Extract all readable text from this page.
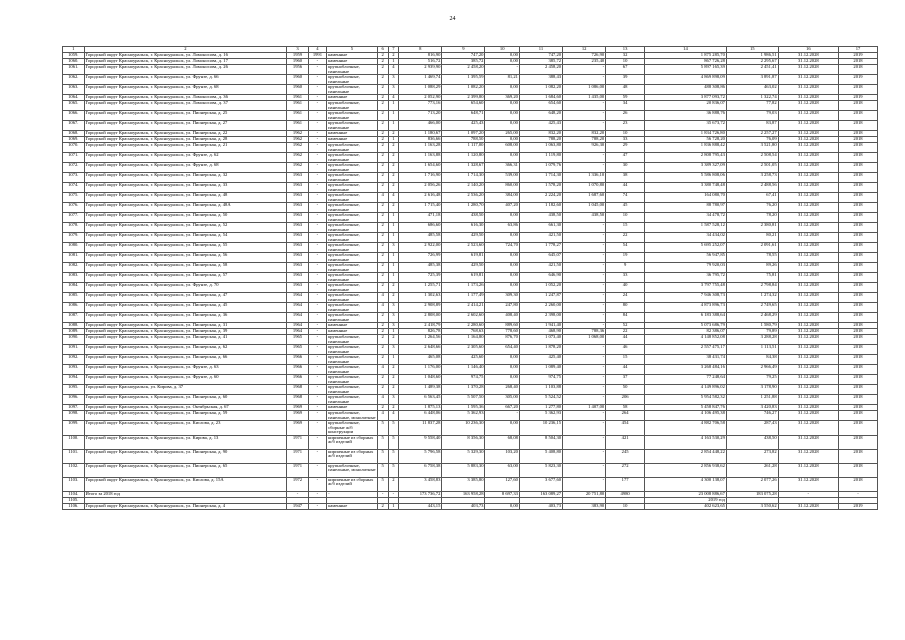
24
1	2	3	4	5	6	7	8	9	10	11	12	13	14	15	16	17
1059.	Городской округ Красноуральск, г. Красноуральск, ул. Ломоносова, д. 16	1959	1991	каменные	2	2	816,90	747,20	0,00	747,20	726,90	32	1 875 285,70	1 986,51	31.12.2028	2019
1060.	Городской округ Красноуральск, г. Красноуральск, ул. Ломоносова, д. 17	1960	-	каменные	2	1	516,72	385,72	0,00	385,72	235,40	10	867 726,28	2 295,67	31.12.2028	2018
1061.	Городской округ Красноуральск, г. Красноуральск, ул. Ломоносова, д. 26	1956	-	крупноблочные, панельные	2	4	2 939,90	2 458,20	-	2 458,20	-	67	5 897 165,39	2 451,41	31.12.2028	2018
1062.	Городской округ Красноуральск, г. Красноуральск, ул. Фрунзе, д. 66	1960	-	крупноблочные, панельные	2	3	1 469,74	1 395,59	81,21	388,43	-	39	4 869 898,09	3 891,87	31.12.2028	2019
1063.	Городской округ Красноуральск, г. Красноуральск, ул. Фрунзе, д. 68	1960	-	крупноблочные, панельные	2	3	1 088,29	1 082,20	0,00	1 082,20	1 086,00	48	488 308,86	463,02	31.12.2028	2018
1064.	Городской округ Красноуральск, г. Красноуральск, ул. Ломоносова, д. 36	1961	-	каменные	2	4	2 052,90	2 399,80	369,20	1 684,60	1 435,00	59	3 877 093,72	1 322,74	31.12.2028	2019
1065.	Городской округ Красноуральск, г. Красноуральск, ул. Ломоносова, д. 37	1961	-	крупноблочные, панельные	2	1	773,16	654,60	0,00	654,60	-	34	20 836,07	77,82	31.12.2028	2018
1066.	Городской округ Красноуральск, г. Красноуральск, ул. Пионерская, д. 25	1961	-	крупноблочные, панельные	2	1	713,20	648,71	0,00	648,20	-	26	36 888,76	79,03	31.12.2028	2018
1067.	Городской округ Красноуральск, г. Красноуральск, ул. Пионерская, д. 27	1961	-	крупноблочные, панельные	2	1	466,00	425,43	0,00	425,43	-	23	35 673,72	83,87	31.12.2028	2018
1068.	Городской округ Красноуральск, г. Красноуральск, ул. Пионерская, д. 22	1962	-	каменные	2	2	1 180,67	1 097,20	265,00	832,20	832,20	10	1 834 726,80	2 257,27	31.12.2028	2018
1069.	Городской округ Красноуральск, г. Красноуральск, ул. Пионерская, д. 28	1962	-	каменные	2	1	836,66	788,50	0,00	788,20	788,20	33	56 728,20	76,09	31.12.2028	2018
1070.	Городской округ Красноуральск, г. Красноуральск, ул. Пионерская, д. 21	1962	-	крупноблочные, панельные	2	2	1 163,28	1 117,00	608,00	1 063,80	926,30	29	1 836 888,42	3 521,80	31.12.2028	2018
1071.	Городской округ Красноуральск, г. Красноуральск, ул. Фрунзе, д. 62	1962	-	крупноблочные, панельные	2	2	1 163,88	1 120,80	0,00	1 119,80	-	47	2 808 795,43	2 508,54	31.12.2028	2018
1072.	Городской округ Красноуральск, г. Красноуральск, ул. Фрунзе, д. 68	1962	-	крупноблочные, панельные	2	2	1 654,60	1 328,67	366,31	1 079,76	-	30	3 389 327,09	2 501,05	31.12.2028	2018
1073.	Городской округ Красноуральск, г. Красноуральск, ул. Пионерская, д. 32	1963	-	крупноблочные, панельные	2	2	1 716,90	1 714,30	539,00	1 714,30	1 336,10	38	5 586 808,06	3 258,73	31.12.2028	2018
1074.	Городской округ Красноуральск, г. Красноуральск, ул. Пионерская, д. 33	1963	-	крупноблочные, панельные	2	2	2 056,26	2 140,20	860,00	1 578,20	1 070,80	44	3 380 748,48	2 488,56	31.12.2028	2018
1075.	Городской округ Красноуральск, г. Красноуральск, ул. Пионерская, д. 48	1963	-	крупноблочные, панельные	4	4	2 616,48	2 536,20	384,00	2 224,20	1 687,60	74	164 080,70	67,41	31.12.2028	2018
1076.	Городской округ Красноуральск, г. Красноуральск, ул. Пионерская, д. 48А	1963	-	крупноблочные, панельные	2	2	1 715,40	1 280,70	407,20	1 182,60	1 045,00	45	88 780,97	76,20	31.12.2028	2018
1077.	Городской округ Красноуральск, г. Красноуральск, ул. Пионерская, д. 50	1963	-	крупноблочные, панельные	2	1	471,18	438,50	0,00	438,50	438,50	10	34 478,72	78,20	31.12.2028	2018
1078.	Городской округ Красноуральск, г. Красноуральск, ул. Пионерская, д. 52	1963	-	крупноблочные, панельные	2	1	686,60	616,30	63,86	661,30	-	15	1 587 528,12	2 380,81	31.12.2028	2018
1079.	Городской округ Красноуральск, г. Красноуральск, ул. Пионерская, д. 54	1963	-	крупноблочные, панельные	2	1	485,58	429,50	0,00	421,50	-	22	34 434,02	80,21	31.12.2028	2018
1080.	Городской округ Красноуральск, г. Красноуральск, ул. Пионерская, д. 55	1963	-	крупноблочные, панельные	2	3	2 922,00	2 523,60	724,70	1 778,27	-	54	5 695 252,07	2 091,61	31.12.2028	2018
1081.	Городской округ Красноуральск, г. Красноуральск, ул. Пионерская, д. 56	1963	-	крупноблочные, панельные	2	1	726,99	619,81	0,00	645,07	-	19	56 947,85	78,55	31.12.2028	2018
1082.	Городской округ Красноуральск, г. Красноуральск, ул. Пионерская, д. 58	1963	-	крупноблочные, панельные	2	1	485,38	429,50	0,00	421,50	-	9	79 920,03	89,26	31.12.2028	2018
1083.	Городской округ Красноуральск, г. Красноуральск, ул. Пионерская, д. 57	1963	-	крупноблочные, панельные	2	1	725,39	619,81	0,00	646,90	-	33	36 795,72	75,81	31.12.2028	2018
1084.	Городской округ Красноуральск, г. Красноуральск, ул. Фрунзе, д. 70	1963	-	крупноблочные, панельные	2	2	1 255,71	1 173,26	0,00	1 052,20	-	40	3 797 755,48	2 798,84	31.12.2028	2018
1085.	Городской округ Красноуральск, г. Красноуральск, ул. Пионерская, д. 47	1964	-	крупноблочные, панельные	4	2	1 302,63	1 177,49	309,30	1 247,87	-	24	7 946 308,73	1 274,32	31.12.2028	2018
1086.	Городской округ Красноуральск, г. Красноуральск, ул. Пионерская, д. 45	1964	-	крупноблочные, панельные	4	3	2 908,89	2 414,21	247,80	2 260,00	-	80	4 873 896,73	2 749,65	31.12.2028	2018
1087.	Городской округ Красноуральск, г. Красноуральск, ул. Пионерская, д. 36	1964	-	крупноблочные, панельные	2	3	2 808,00	2 602,60	408,40	2 398,00	-	84	6 183 388,64	2 468,29	31.12.2028	2018
1088.	Городской округ Красноуральск, г. Красноуральск, ул. Пионерская, д. 31	1964	-	каменные	2	3	2 418,79	2 280,60	889,60	1 941,40	-	52	5 073 686,79	1 580,79	31.12.2028	2018
1089.	Городской округ Красноуральск, г. Красноуральск, ул. Пионерская, д. 39	1964	-	каменные	2	1	826,78	768,63	778,60	468,90	788,36	22	82 386,07	79,89	31.12.2028	2018
1090.	Городской округ Красноуральск, г. Красноуральск, ул. Пионерская, д. 41	1965	-	крупноблочные, панельные	2	2	1 264,56	1 164,80	876,70	1 073,40	1 068,00	44	4 148 852,08	3 288,28	31.12.2028	2018
1091.	Городской округ Красноуральск, г. Красноуральск, ул. Пионерская, д. 62	1965	-	крупноблочные, панельные	2	3	2 648,66	2 305,60	654,40	1 878,20	-	46	2 557 475,17	1 113,51	31.12.2028	2018
1092.	Городской округ Красноуральск, г. Красноуральск, ул. Пионерская, д. 66	1966	-	крупноблочные, панельные	2	1	465,08	425,60	0,00	425,40	-	15	38 431,74	84,38	31.12.2028	2018
1093.	Городской округ Красноуральск, г. Красноуральск, ул. Фрунзе, д. 63	1966	-	крупноблочные, панельные	4	2	1 176,00	1 146,40	0,00	1 089,40	-	44	3 268 484,16	2 966,49	31.12.2028	2018
1094.	Городской округ Красноуральск, г. Красноуральск, ул. Фрунзе, д. 60	1966	-	крупноблочные, панельные	2	2	1 048,60	974,75	0,00	974,75	-	37	77 248,64	79,25	31.12.2028	2018
1095.	Городской округ Красноуральск, ул. Кирова, д. 37	1968	-	крупноблочные, панельные	2	2	1 489,38	1 370,28	268,40	1 103,88	-	50	4 149 896,02	3 178,90	31.12.2028	2018
1096.	Городской округ Красноуральск, г. Красноуральск, ул. Пионерская, д. 60	1968	-	крупноблочные, панельные	4	3	6 563,45	5 507,50	305,00	5 524,52	-	206	5 954 582,32	1 251,88	31.12.2028	2018
1097.	Городской округ Красноуральск, г. Красноуральск, ул. Октябрьская, д. 67	1969	-	каменные	2	2	1 875,13	1 595,36	667,20	1 277,80	1 407,00	58	5 458 847,76	3 420,83	31.12.2028	2018
1098.	Городской округ Красноуральск, г. Красноуральск, ул. Пионерская, д. 59	1969	-	крупноблочные, панельные, монолитные	4	4	6 448,06	5 362,93	-	5 362,93	-	264	4 106 495,38	746,27	31.12.2028	2018
1099.	Городской округ Красноуральск, г. Красноуральск, ул. Кислова, д. 23	1969	-	крупноблочные, сборные ж/б конструкции	5	5	11 837,28	10 236,30	0,00	10 236,15	-	454	4 882 706,58	287,43	31.12.2028	2018
1100.	Городской округ Красноуральск, г. Красноуральск, ул. Кирова, д. 13	1971	-	кирпичные из сборных ж/б изделий	5	5	9 558,40	8 356,30	68,08	8 504,30	-	421	4 163 530,29	438,50	31.12.2028	2018
1101.	Городской округ Красноуральск, г. Красноуральск, ул. Пионерская, д. 90	1971	-	кирпичные из сборных ж/б изделий	5	5	5 796,58	5 329,30	103,20	5 408,80	-	245	2 854 448,22	273,82	31.12.2028	2018
1102.	Городской округ Красноуральск, г. Красноуральск, ул. Пионерская, д. 65	1971	-	крупноблочные, панельные, монолитные	5	5	6 758,38	5 883,30	63,00	5 823,30	-	272	2 856 938,62	261,28	31.12.2028	2018
1103.	Городской округ Красноуральск, г. Красноуральск, ул. Кислова, д. 15А	1972	-	кирпичные из сборных ж/б изделий	5	2	3 458,83	3 385,80	127,60	3 677,60	-	177	4 300 138,07	2 077,26	31.12.2028	2018
1104.	Итого за 2018 год	-	-	-	-	-	173 736,72	163 958,28	8 697,33	163 089,27	20 751,80	4980	23 008 886,67	183 075,28	-	-
1105.													2019 год			
1106.	Городской округ Красноуральск, г. Красноуральск, ул. Пионерская, д. 4	1947	-	каменные	2	1	443,15	403,73	0,00	403,73	383,90	10	402 623,65	3 550,62	31.12.2028	2019
